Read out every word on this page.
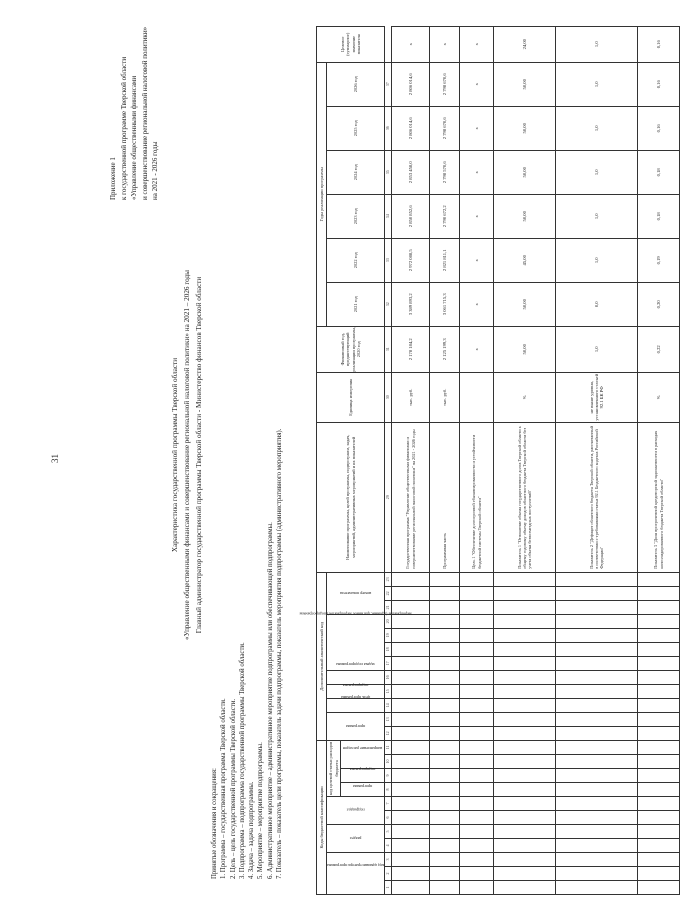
31
Приложение 1 к государственной программе Тверской области «Управление общественными финансами и совершенствование региональной налоговой политики» на 2021 - 2026 годы
Характеристика государственной программы Тверской области «Управление общественными финансами и совершенствование региональной налоговой политики» на 2021 – 2026 годы Главный администратор государственной программы Тверской области - Министерство финансов Тверской области
Принятые обозначения и сокращения: 1. Программа – государственная программа Тверской области. 2. Цель – цель государственной программы Тверской области. 3. Подпрограмма – подпрограмма государственной программы Тверской области. 4. Задача – задача подпрограммы. 5. Мероприятие – мероприятие подпрограммы. 6. Административное мероприятие – административное мероприятие подпрограммы или обеспечивающей подпрограммы. 7. Показатель – показатель цели программы, показатель задачи подпрограммы, показатель мероприятия подпрограммы (административного мероприятия).	Коды бюджетной классификации											Дополнительный аналитический код												Наименование программы, целей программы, подпрограмм, задач, мероприятий, административных мероприятий и их показателей	Единица измерения	Финансовый год, предшествующий реализации программы, 2020 год	Годы реализации программы						Целевое (суммарное) значение показателя
код администратора программы			раздел		подраздел		код целевой статьи расходов бюджета				программа		цель программы	подпрограмма	задача подпрограммы	мероприятие (административное мероприятие) подпрограммы				номер показателя						2021 год	2022 год	2023 год	2024 год	2025 год	2026 год	
							программа	подпрограмма	направление расходов																							
1	2	3	4	5	6	7	8	9	10	11	12	13	14	15	16	17	18	19	20	21	22	23	29	30	31	32	33	34	35	36	37	
																							Государственная программа "Управление общественными финансами и совершенствование региональной налоговой политики" на 2021 - 2026 годы	тыс. руб.	2 178 184,2	3 389 893,2	2 972 088,5	2 850 852,6	2 853 458,0	2 806 014,6	2 806 014,6	х
																							Программная часть	тыс. руб.	2 125 199,3	3 061 715,3	2 821 811,1	2 790 672,2	2 798 570,6	2 798 670,6	2 798 670,6	х
																							Цель 1 "Обеспечение долгосрочной сбалансированности и устойчивости бюджетной системы Тверской области"		х	х	х	х	х	х	х	х
																							Показатель 1 "Отношение объема государственного долга Тверской области к общему годовому объему доходов областного бюджета Тверской области без учета объема безвозмездных поступлений"	%	50,00	50,00	45,00	50,00	50,00	50,00	50,00	24,00
																							Показатель 2 "Дефицит областного бюджета Тверской области, рассчитанный в соответствии с требованиями статьи 92.1 Бюджетного кодекса Российской Федерации"	не выше уровня, установленного статьей 92.1 БК РФ	1,0	0,0	1,0	1,0	1,0	1,0	1,0	1,0
																							Показатель 3 "Доля просроченной кредиторской задолженности в расходах консолидированного бюджета Тверской области"	%	0,22	0,20	0,19	0,18	0,18	0,16	0,16	0,16
